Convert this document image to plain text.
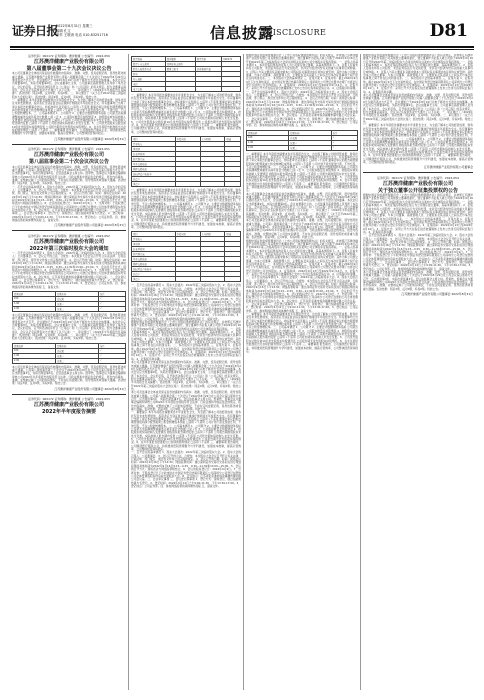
证券日报
2022年8月31日 星期三
编辑 孔文
制作 王敬涛 电话 010-83251716	信息披露
DISCLOSURE	D81
证券代码：002172 证券简称：澳洋健康 公告编号：2022-050
江苏澳洋健康产业股份有限公司
第八届董事会第二十九次会议决议公告
本公司及董事会全体成员保证信息披露的内容真实、准确、完整，没有虚假记载、误导性陈述或重大遗漏。江苏澳洋健康产业股份有限公司第八届董事会第二十九次会议于2022年8月29日以通讯表决方式召开，会议通知已于2022年8月19日以电子邮件方式送达全体董事。本次会议应出席董事9名，实际出席董事9名。会议由董事长主持，公司监事及高级管理人员列席了本次会议，会议的召集、召开和表决程序符合《公司法》和《公司章程》的有关规定。经与会董事认真审议，会议以记名投票表决方式通过了以下议案：一、审议通过了《2022年半年度报告及其摘要》；表决结果：同意9票，反对0票，弃权0票。二、审议通过了《关于召开2022年第三次临时股东大会的议案》；表决结果：同意9票，反对0票，弃权0票。特此公告。
一、重要提示 本半年度报告摘要来自半年度报告全文，为全面了解本公司的经营成果、财务状况及未来发展规划，投资者应当到证监会指定媒体仔细阅读半年度报告全文。所有董事均已出席了审议本报告的董事会会议。非标准审计意见提示 □适用 √不适用 董事会审议的报告期普通股利润分配预案或公积金转增股本预案 □适用 √不适用 公司计划不派发现金红利，不送红股，不以公积金转增股本。二、公司基本情况 1、公司简介 2、主要会计数据和财务指标 公司是否需追溯调整或重述以前年度会计数据 □是 √否 3、公司股东数量及持股情况 4、控股股东或实际控制人变更情况 控股股东报告期内变更 □适用 √不适用 公司报告期控股股东未发生变更。实际控制人报告期内变更 □适用 √不适用 公司报告期实际控制人未发生变更。5、公司优先股股东总数及前10名优先股股东持股情况表 公司报告期无优先股股东持股情况。6、在半年度报告批准报出日存续的债券情况 □适用 √不适用 三、重要事项 报告期内，公司围绕医疗服务主业，持续推进医院管理提升与学科建设，加强成本控制，提高运营效率，公司整体经营保持稳定。
江苏澳洋健康产业股份有限公司董事会 2022年8月31日
证券代码：002172 证券简称：澳洋健康 公告编号：2022-051
江苏澳洋健康产业股份有限公司
第八届监事会第二十次会议决议公告
本公司及监事会全体成员保证信息披露的内容真实、准确、完整，没有虚假记载、误导性陈述或重大遗漏。公司第八届监事会第二十次会议于2022年8月29日在公司会议室以现场方式召开，应出席监事3名，实际出席监事3名。会议由监事会主席主持。经审核，监事会认为董事会编制和审核公司2022年半年度报告的程序符合法律、行政法规和中国证监会的规定，报告内容真实、准确、完整地反映了公司的实际情况，不存在任何虚假记载、误导性陈述或者重大遗漏。表决结果：同意3票，反对0票，弃权0票。特此公告。
一、召开会议的基本情况 1、股东大会届次：2022年第三次临时股东大会。2、股东大会的召集人：公司董事会。3、会议召开的合法、合规性：本次股东大会会议召开符合有关法律、行政法规、部门规章、规范性文件和公司章程的规定。4、会议召开的日期、时间：现场会议时间：2022年9月16日下午14:30；网络投票时间：通过深圳证券交易所交易系统进行网络投票的具体时间为2022年9月16日9:15—9:25，9:30—11:30和13:00—15:00。5、会议的召开方式：现场表决与网络投票相结合。6、会议的股权登记日：2022年9月9日。7、出席对象：于股权登记日下午收市时在中国证券登记结算有限责任公司深圳分公司登记在册的公司全体普通股股东均有权出席股东大会。8、会议地点：江苏省张家港市杨舍镇塘市镇中路公司会议室。二、会议审议事项 三、会议登记等事项 1、登记方式：现场登记、通过信函或传真方式登记。2、登记时间：2022年9月14日上午9:00-11:30，下午13:30-17:00。3、登记地点：公司证券部。四、参加网络投票的具体操作流程 五、备查文件。
江苏澳洋健康产业股份有限公司监事会 2022年8月31日
证券代码：002172 证券简称：澳洋健康 公告编号：2022-052
江苏澳洋健康产业股份有限公司
2022年第三次临时股东大会的通知
一、召开会议的基本情况 1、股东大会届次：2022年第三次临时股东大会。2、股东大会的召集人：公司董事会。3、会议召开的合法、合规性：本次股东大会会议召开符合有关法律、行政法规、部门规章、规范性文件和公司章程的规定。4、会议召开的日期、时间：现场会议时间：2022年9月16日下午14:30；网络投票时间：通过深圳证券交易所交易系统进行网络投票的具体时间为2022年9月16日9:15—9:25，9:30—11:30和13:00—15:00。5、会议的召开方式：现场表决与网络投票相结合。6、会议的股权登记日：2022年9月9日。7、出席对象：于股权登记日下午收市时在中国证券登记结算有限责任公司深圳分公司登记在册的公司全体普通股股东均有权出席股东大会。8、会议地点：江苏省张家港市杨舍镇塘市镇中路公司会议室。二、会议审议事项 三、会议登记等事项 1、登记方式：现场登记、通过信函或传真方式登记。2、登记时间：2022年9月14日上午9:00-11:30，下午13:30-17:00。3、登记地点：公司证券部。四、参加网络投票的具体操作流程 五、备查文件。
提案编码	提案名称	备注
100	总议案	√
1.00	议案一	√
2.00	议案二	√
本公司及董事会全体成员保证信息披露的内容真实、准确、完整，没有虚假记载、误导性陈述或重大遗漏。江苏澳洋健康产业股份有限公司第八届董事会第二十九次会议于2022年8月29日以通讯表决方式召开，会议通知已于2022年8月19日以电子邮件方式送达全体董事。本次会议应出席董事9名，实际出席董事9名。会议由董事长主持，公司监事及高级管理人员列席了本次会议，会议的召集、召开和表决程序符合《公司法》和《公司章程》的有关规定。经与会董事认真审议，会议以记名投票表决方式通过了以下议案：一、审议通过了《2022年半年度报告及其摘要》；表决结果：同意9票，反对0票，弃权0票。二、审议通过了《关于召开2022年第三次临时股东大会的议案》；表决结果：同意9票，反对0票，弃权0票。特此公告。
提案编码	提案名称	备注
100	总议案	√
1.00	议案一	√
2.00	议案二	√
本公司及监事会全体成员保证信息披露的内容真实、准确、完整，没有虚假记载、误导性陈述或重大遗漏。公司第八届监事会第二十次会议于2022年8月29日在公司会议室以现场方式召开，应出席监事3名，实际出席监事3名。会议由监事会主席主持。经审核，监事会认为董事会编制和审核公司2022年半年度报告的程序符合法律、行政法规和中国证监会的规定，报告内容真实、准确、完整地反映了公司的实际情况，不存在任何虚假记载、误导性陈述或者重大遗漏。表决结果：同意3票，反对0票，弃权0票。特此公告。
江苏澳洋健康产业股份有限公司董事会 2022年8月31日
证券代码：002172 证券简称：澳洋健康 公告编号：2022-053
江苏澳洋健康产业股份有限公司
2022年半年度报告摘要
股票简称	澳洋健康	股票代码	002172
股票上市交易所	深圳证券交易所		
联系人和联系方式	董事会秘书	证券事务代表	
姓名			
办公地址			
电话			
电子信箱			
一、重要提示 本半年度报告摘要来自半年度报告全文，为全面了解本公司的经营成果、财务状况及未来发展规划，投资者应当到证监会指定媒体仔细阅读半年度报告全文。所有董事均已出席了审议本报告的董事会会议。非标准审计意见提示 □适用 √不适用 董事会审议的报告期普通股利润分配预案或公积金转增股本预案 □适用 √不适用 公司计划不派发现金红利，不送红股，不以公积金转增股本。二、公司基本情况 1、公司简介 2、主要会计数据和财务指标 公司是否需追溯调整或重述以前年度会计数据 □是 √否 3、公司股东数量及持股情况 4、控股股东或实际控制人变更情况 控股股东报告期内变更 □适用 √不适用 公司报告期控股股东未发生变更。实际控制人报告期内变更 □适用 √不适用 公司报告期实际控制人未发生变更。5、公司优先股股东总数及前10名优先股股东持股情况表 公司报告期无优先股股东持股情况。6、在半年度报告批准报出日存续的债券情况 □适用 √不适用 三、重要事项 报告期内，公司围绕医疗服务主业，持续推进医院管理提升与学科建设，加强成本控制，提高运营效率，公司整体经营保持稳定。
项目	本报告期	上年同期	增减
营业收入			
净利润			
扣非净利润			
经营现金流			
基本每股收益			
稀释每股收益			
加权净资产收益率			
总资产			
净资产			
一、重要提示 本半年度报告摘要来自半年度报告全文，为全面了解本公司的经营成果、财务状况及未来发展规划，投资者应当到证监会指定媒体仔细阅读半年度报告全文。所有董事均已出席了审议本报告的董事会会议。非标准审计意见提示 □适用 √不适用 董事会审议的报告期普通股利润分配预案或公积金转增股本预案 □适用 √不适用 公司计划不派发现金红利，不送红股，不以公积金转增股本。二、公司基本情况 1、公司简介 2、主要会计数据和财务指标 公司是否需追溯调整或重述以前年度会计数据 □是 √否 3、公司股东数量及持股情况 4、控股股东或实际控制人变更情况 控股股东报告期内变更 □适用 √不适用 公司报告期控股股东未发生变更。实际控制人报告期内变更 □适用 √不适用 公司报告期实际控制人未发生变更。5、公司优先股股东总数及前10名优先股股东持股情况表 公司报告期无优先股股东持股情况。6、在半年度报告批准报出日存续的债券情况 □适用 √不适用 三、重要事项 报告期内，公司围绕医疗服务主业，持续推进医院管理提升与学科建设，加强成本控制，提高运营效率，公司整体经营保持稳定。
项目	本报告期	上年同期	增减
营业收入			
净利润			
扣非净利润			
经营现金流			
基本每股收益			
稀释每股收益			
加权净资产收益率			
总资产			
净资产			
一、召开会议的基本情况 1、股东大会届次：2022年第三次临时股东大会。2、股东大会的召集人：公司董事会。3、会议召开的合法、合规性：本次股东大会会议召开符合有关法律、行政法规、部门规章、规范性文件和公司章程的规定。4、会议召开的日期、时间：现场会议时间：2022年9月16日下午14:30；网络投票时间：通过深圳证券交易所交易系统进行网络投票的具体时间为2022年9月16日9:15—9:25，9:30—11:30和13:00—15:00。5、会议的召开方式：现场表决与网络投票相结合。6、会议的股权登记日：2022年9月9日。7、出席对象：于股权登记日下午收市时在中国证券登记结算有限责任公司深圳分公司登记在册的公司全体普通股股东均有权出席股东大会。8、会议地点：江苏省张家港市杨舍镇塘市镇中路公司会议室。二、会议审议事项 三、会议登记等事项 1、登记方式：现场登记、通过信函或传真方式登记。2、登记时间：2022年9月14日上午9:00-11:30，下午13:30-17:00。3、登记地点：公司证券部。四、参加网络投票的具体操作流程 五、备查文件。
根据中国证券监督管理委员会《上市公司股权激励管理办法》的有关规定，并按照江苏澳洋健康产业股份有限公司其他独立董事的委托，独立董事作为征集人就公司拟于2022年9月16日召开的2022年第三次临时股东大会审议的相关议案向公司全体股东征集投票权。一、征集人的基本情况 1、本次征集投票权的征集人为公司现任独立董事，其基本情况如下。2、征集人目前未持有公司股份，未因证券违法行为受到处罚，未涉及与经济纠纷有关的重大民事诉讼或仲裁。3、征集人与其主要直系亲属未就本公司股权有关事项达成任何协议或安排；其作为本公司独立董事，与本公司董事、高级管理人员、主要股东及其关联人之间以及与本次征集事项之间不存在任何利害关系。二、本次股东大会的基本情况 三、征集方案 1、征集对象：截止2022年9月9日下午交易结束后，在中国证券登记结算有限责任公司深圳分公司登记在册并办理了出席会议登记手续的公司全体股东。2、征集时间：2022年9月13日至2022年9月14日。3、征集方式：采用公开方式在指定信息披露媒体上发布公告进行投票权征集行动。4、征集程序和步骤。
本公司及董事会全体成员保证信息披露的内容真实、准确、完整，没有虚假记载、误导性陈述或重大遗漏。江苏澳洋健康产业股份有限公司第八届董事会第二十九次会议于2022年8月29日以通讯表决方式召开，会议通知已于2022年8月19日以电子邮件方式送达全体董事。本次会议应出席董事9名，实际出席董事9名。会议由董事长主持，公司监事及高级管理人员列席了本次会议，会议的召集、召开和表决程序符合《公司法》和《公司章程》的有关规定。经与会董事认真审议，会议以记名投票表决方式通过了以下议案：一、审议通过了《2022年半年度报告及其摘要》；表决结果：同意9票，反对0票，弃权0票。二、审议通过了《关于召开2022年第三次临时股东大会的议案》；表决结果：同意9票，反对0票，弃权0票。特此公告。
本公司及监事会全体成员保证信息披露的内容真实、准确、完整，没有虚假记载、误导性陈述或重大遗漏。公司第八届监事会第二十次会议于2022年8月29日在公司会议室以现场方式召开，应出席监事3名，实际出席监事3名。会议由监事会主席主持。经审核，监事会认为董事会编制和审核公司2022年半年度报告的程序符合法律、行政法规和中国证监会的规定，报告内容真实、准确、完整地反映了公司的实际情况，不存在任何虚假记载、误导性陈述或者重大遗漏。表决结果：同意3票，反对0票，弃权0票。特此公告。
一、重要提示 本半年度报告摘要来自半年度报告全文，为全面了解本公司的经营成果、财务状况及未来发展规划，投资者应当到证监会指定媒体仔细阅读半年度报告全文。所有董事均已出席了审议本报告的董事会会议。非标准审计意见提示 □适用 √不适用 董事会审议的报告期普通股利润分配预案或公积金转增股本预案 □适用 √不适用 公司计划不派发现金红利，不送红股，不以公积金转增股本。二、公司基本情况 1、公司简介 2、主要会计数据和财务指标 公司是否需追溯调整或重述以前年度会计数据 □是 √否 3、公司股东数量及持股情况 4、控股股东或实际控制人变更情况 控股股东报告期内变更 □适用 √不适用 公司报告期控股股东未发生变更。实际控制人报告期内变更 □适用 √不适用 公司报告期实际控制人未发生变更。5、公司优先股股东总数及前10名优先股股东持股情况表 公司报告期无优先股股东持股情况。6、在半年度报告批准报出日存续的债券情况 □适用 √不适用 三、重要事项 报告期内，公司围绕医疗服务主业，持续推进医院管理提升与学科建设，加强成本控制，提高运营效率，公司整体经营保持稳定。
一、召开会议的基本情况 1、股东大会届次：2022年第三次临时股东大会。2、股东大会的召集人：公司董事会。3、会议召开的合法、合规性：本次股东大会会议召开符合有关法律、行政法规、部门规章、规范性文件和公司章程的规定。4、会议召开的日期、时间：现场会议时间：2022年9月16日下午14:30；网络投票时间：通过深圳证券交易所交易系统进行网络投票的具体时间为2022年9月16日9:15—9:25，9:30—11:30和13:00—15:00。5、会议的召开方式：现场表决与网络投票相结合。6、会议的股权登记日：2022年9月9日。7、出席对象：于股权登记日下午收市时在中国证券登记结算有限责任公司深圳分公司登记在册的公司全体普通股股东均有权出席股东大会。8、会议地点：江苏省张家港市杨舍镇塘市镇中路公司会议室。二、会议审议事项 三、会议登记等事项 1、登记方式：现场登记、通过信函或传真方式登记。2、登记时间：2022年9月14日上午9:00-11:30，下午13:30-17:00。3、登记地点：公司证券部。四、参加网络投票的具体操作流程 五、备查文件。
根据中国证券监督管理委员会《上市公司股权激励管理办法》的有关规定，并按照江苏澳洋健康产业股份有限公司其他独立董事的委托，独立董事作为征集人就公司拟于2022年9月16日召开的2022年第三次临时股东大会审议的相关议案向公司全体股东征集投票权。一、征集人的基本情况 1、本次征集投票权的征集人为公司现任独立董事，其基本情况如下。2、征集人目前未持有公司股份，未因证券违法行为受到处罚，未涉及与经济纠纷有关的重大民事诉讼或仲裁。3、征集人与其主要直系亲属未就本公司股权有关事项达成任何协议或安排；其作为本公司独立董事，与本公司董事、高级管理人员、主要股东及其关联人之间以及与本次征集事项之间不存在任何利害关系。二、本次股东大会的基本情况 三、征集方案 1、征集对象：截止2022年9月9日下午交易结束后，在中国证券登记结算有限责任公司深圳分公司登记在册并办理了出席会议登记手续的公司全体股东。2、征集时间：2022年9月13日至2022年9月14日。3、征集方式：采用公开方式在指定信息披露媒体上发布公告进行投票权征集行动。4、征集程序和步骤。
一、召开会议的基本情况 1、股东大会届次：2022年第三次临时股东大会。2、股东大会的召集人：公司董事会。3、会议召开的合法、合规性：本次股东大会会议召开符合有关法律、行政法规、部门规章、规范性文件和公司章程的规定。4、会议召开的日期、时间：现场会议时间：2022年9月16日下午14:30；网络投票时间：通过深圳证券交易所交易系统进行网络投票的具体时间为2022年9月16日9:15—9:25，9:30—11:30和13:00—15:00。5、会议的召开方式：现场表决与网络投票相结合。6、会议的股权登记日：2022年9月9日。7、出席对象：于股权登记日下午收市时在中国证券登记结算有限责任公司深圳分公司登记在册的公司全体普通股股东均有权出席股东大会。8、会议地点：江苏省张家港市杨舍镇塘市镇中路公司会议室。二、会议审议事项 三、会议登记等事项 1、登记方式：现场登记、通过信函或传真方式登记。2、登记时间：2022年9月14日上午9:00-11:30，下午13:30-17:00。3、登记地点：公司证券部。四、参加网络投票的具体操作流程 五、备查文件。
提案编码	提案名称	备注
100	总议案	√
1.00	议案一	√
2.00	议案二	√
一、重要提示 本半年度报告摘要来自半年度报告全文，为全面了解本公司的经营成果、财务状况及未来发展规划，投资者应当到证监会指定媒体仔细阅读半年度报告全文。所有董事均已出席了审议本报告的董事会会议。非标准审计意见提示 □适用 √不适用 董事会审议的报告期普通股利润分配预案或公积金转增股本预案 □适用 √不适用 公司计划不派发现金红利，不送红股，不以公积金转增股本。二、公司基本情况 1、公司简介 2、主要会计数据和财务指标 公司是否需追溯调整或重述以前年度会计数据 □是 √否 3、公司股东数量及持股情况 4、控股股东或实际控制人变更情况 控股股东报告期内变更 □适用 √不适用 公司报告期控股股东未发生变更。实际控制人报告期内变更 □适用 √不适用 公司报告期实际控制人未发生变更。5、公司优先股股东总数及前10名优先股股东持股情况表 公司报告期无优先股股东持股情况。6、在半年度报告批准报出日存续的债券情况 □适用 √不适用 三、重要事项 报告期内，公司围绕医疗服务主业，持续推进医院管理提升与学科建设，加强成本控制，提高运营效率，公司整体经营保持稳定。
本公司及董事会全体成员保证信息披露的内容真实、准确、完整，没有虚假记载、误导性陈述或重大遗漏。江苏澳洋健康产业股份有限公司第八届董事会第二十九次会议于2022年8月29日以通讯表决方式召开，会议通知已于2022年8月19日以电子邮件方式送达全体董事。本次会议应出席董事9名，实际出席董事9名。会议由董事长主持，公司监事及高级管理人员列席了本次会议，会议的召集、召开和表决程序符合《公司法》和《公司章程》的有关规定。经与会董事认真审议，会议以记名投票表决方式通过了以下议案：一、审议通过了《2022年半年度报告及其摘要》；表决结果：同意9票，反对0票，弃权0票。二、审议通过了《关于召开2022年第三次临时股东大会的议案》；表决结果：同意9票，反对0票，弃权0票。特此公告。
本公司及监事会全体成员保证信息披露的内容真实、准确、完整，没有虚假记载、误导性陈述或重大遗漏。公司第八届监事会第二十次会议于2022年8月29日在公司会议室以现场方式召开，应出席监事3名，实际出席监事3名。会议由监事会主席主持。经审核，监事会认为董事会编制和审核公司2022年半年度报告的程序符合法律、行政法规和中国证监会的规定，报告内容真实、准确、完整地反映了公司的实际情况，不存在任何虚假记载、误导性陈述或者重大遗漏。表决结果：同意3票，反对0票，弃权0票。特此公告。
根据中国证券监督管理委员会《上市公司股权激励管理办法》的有关规定，并按照江苏澳洋健康产业股份有限公司其他独立董事的委托，独立董事作为征集人就公司拟于2022年9月16日召开的2022年第三次临时股东大会审议的相关议案向公司全体股东征集投票权。一、征集人的基本情况 1、本次征集投票权的征集人为公司现任独立董事，其基本情况如下。2、征集人目前未持有公司股份，未因证券违法行为受到处罚，未涉及与经济纠纷有关的重大民事诉讼或仲裁。3、征集人与其主要直系亲属未就本公司股权有关事项达成任何协议或安排；其作为本公司独立董事，与本公司董事、高级管理人员、主要股东及其关联人之间以及与本次征集事项之间不存在任何利害关系。二、本次股东大会的基本情况 三、征集方案 1、征集对象：截止2022年9月9日下午交易结束后，在中国证券登记结算有限责任公司深圳分公司登记在册并办理了出席会议登记手续的公司全体股东。2、征集时间：2022年9月13日至2022年9月14日。3、征集方式：采用公开方式在指定信息披露媒体上发布公告进行投票权征集行动。4、征集程序和步骤。
一、召开会议的基本情况 1、股东大会届次：2022年第三次临时股东大会。2、股东大会的召集人：公司董事会。3、会议召开的合法、合规性：本次股东大会会议召开符合有关法律、行政法规、部门规章、规范性文件和公司章程的规定。4、会议召开的日期、时间：现场会议时间：2022年9月16日下午14:30；网络投票时间：通过深圳证券交易所交易系统进行网络投票的具体时间为2022年9月16日9:15—9:25，9:30—11:30和13:00—15:00。5、会议的召开方式：现场表决与网络投票相结合。6、会议的股权登记日：2022年9月9日。7、出席对象：于股权登记日下午收市时在中国证券登记结算有限责任公司深圳分公司登记在册的公司全体普通股股东均有权出席股东大会。8、会议地点：江苏省张家港市杨舍镇塘市镇中路公司会议室。二、会议审议事项 三、会议登记等事项 1、登记方式：现场登记、通过信函或传真方式登记。2、登记时间：2022年9月14日上午9:00-11:30，下午13:30-17:00。3、登记地点：公司证券部。四、参加网络投票的具体操作流程 五、备查文件。
一、重要提示 本半年度报告摘要来自半年度报告全文，为全面了解本公司的经营成果、财务状况及未来发展规划，投资者应当到证监会指定媒体仔细阅读半年度报告全文。所有董事均已出席了审议本报告的董事会会议。非标准审计意见提示 □适用 √不适用 董事会审议的报告期普通股利润分配预案或公积金转增股本预案 □适用 √不适用 公司计划不派发现金红利，不送红股，不以公积金转增股本。二、公司基本情况 1、公司简介 2、主要会计数据和财务指标 公司是否需追溯调整或重述以前年度会计数据 □是 √否 3、公司股东数量及持股情况 4、控股股东或实际控制人变更情况 控股股东报告期内变更 □适用 √不适用 公司报告期控股股东未发生变更。实际控制人报告期内变更 □适用 √不适用 公司报告期实际控制人未发生变更。5、公司优先股股东总数及前10名优先股股东持股情况表 公司报告期无优先股股东持股情况。6、在半年度报告批准报出日存续的债券情况 □适用 √不适用 三、重要事项 报告期内，公司围绕医疗服务主业，持续推进医院管理提升与学科建设，加强成本控制，提高运营效率，公司整体经营保持稳定。
根据中国证券监督管理委员会《上市公司股权激励管理办法》的有关规定，并按照江苏澳洋健康产业股份有限公司其他独立董事的委托，独立董事作为征集人就公司拟于2022年9月16日召开的2022年第三次临时股东大会审议的相关议案向公司全体股东征集投票权。一、征集人的基本情况 1、本次征集投票权的征集人为公司现任独立董事，其基本情况如下。2、征集人目前未持有公司股份，未因证券违法行为受到处罚，未涉及与经济纠纷有关的重大民事诉讼或仲裁。3、征集人与其主要直系亲属未就本公司股权有关事项达成任何协议或安排；其作为本公司独立董事，与本公司董事、高级管理人员、主要股东及其关联人之间以及与本次征集事项之间不存在任何利害关系。二、本次股东大会的基本情况 三、征集方案 1、征集对象：截止2022年9月9日下午交易结束后，在中国证券登记结算有限责任公司深圳分公司登记在册并办理了出席会议登记手续的公司全体股东。2、征集时间：2022年9月13日至2022年9月14日。3、征集方式：采用公开方式在指定信息披露媒体上发布公告进行投票权征集行动。4、征集程序和步骤。
本公司及董事会全体成员保证信息披露的内容真实、准确、完整，没有虚假记载、误导性陈述或重大遗漏。江苏澳洋健康产业股份有限公司第八届董事会第二十九次会议于2022年8月29日以通讯表决方式召开，会议通知已于2022年8月19日以电子邮件方式送达全体董事。本次会议应出席董事9名，实际出席董事9名。会议由董事长主持，公司监事及高级管理人员列席了本次会议，会议的召集、召开和表决程序符合《公司法》和《公司章程》的有关规定。经与会董事认真审议，会议以记名投票表决方式通过了以下议案：一、审议通过了《2022年半年度报告及其摘要》；表决结果：同意9票，反对0票，弃权0票。二、审议通过了《关于召开2022年第三次临时股东大会的议案》；表决结果：同意9票，反对0票，弃权0票。特此公告。
一、重要提示 本半年度报告摘要来自半年度报告全文，为全面了解本公司的经营成果、财务状况及未来发展规划，投资者应当到证监会指定媒体仔细阅读半年度报告全文。所有董事均已出席了审议本报告的董事会会议。非标准审计意见提示 □适用 √不适用 董事会审议的报告期普通股利润分配预案或公积金转增股本预案 □适用 √不适用 公司计划不派发现金红利，不送红股，不以公积金转增股本。二、公司基本情况 1、公司简介 2、主要会计数据和财务指标 公司是否需追溯调整或重述以前年度会计数据 □是 √否 3、公司股东数量及持股情况 4、控股股东或实际控制人变更情况 控股股东报告期内变更 □适用 √不适用 公司报告期控股股东未发生变更。实际控制人报告期内变更 □适用 √不适用 公司报告期实际控制人未发生变更。5、公司优先股股东总数及前10名优先股股东持股情况表 公司报告期无优先股股东持股情况。6、在半年度报告批准报出日存续的债券情况 □适用 √不适用 三、重要事项 报告期内，公司围绕医疗服务主业，持续推进医院管理提升与学科建设，加强成本控制，提高运营效率，公司整体经营保持稳定。
江苏澳洋健康产业股份有限公司董事会
证券代码：002172 证券简称：澳洋健康 公告编号：2022-054
江苏澳洋健康产业股份有限公司
关于独立董事公开征集投票权的公告
根据中国证券监督管理委员会《上市公司股权激励管理办法》的有关规定，并按照江苏澳洋健康产业股份有限公司其他独立董事的委托，独立董事作为征集人就公司拟于2022年9月16日召开的2022年第三次临时股东大会审议的相关议案向公司全体股东征集投票权。一、征集人的基本情况 1、本次征集投票权的征集人为公司现任独立董事，其基本情况如下。2、征集人目前未持有公司股份，未因证券违法行为受到处罚，未涉及与经济纠纷有关的重大民事诉讼或仲裁。3、征集人与其主要直系亲属未就本公司股权有关事项达成任何协议或安排；其作为本公司独立董事，与本公司董事、高级管理人员、主要股东及其关联人之间以及与本次征集事项之间不存在任何利害关系。二、本次股东大会的基本情况 三、征集方案 1、征集对象：截止2022年9月9日下午交易结束后，在中国证券登记结算有限责任公司深圳分公司登记在册并办理了出席会议登记手续的公司全体股东。2、征集时间：2022年9月13日至2022年9月14日。3、征集方式：采用公开方式在指定信息披露媒体上发布公告进行投票权征集行动。4、征集程序和步骤。
一、召开会议的基本情况 1、股东大会届次：2022年第三次临时股东大会。2、股东大会的召集人：公司董事会。3、会议召开的合法、合规性：本次股东大会会议召开符合有关法律、行政法规、部门规章、规范性文件和公司章程的规定。4、会议召开的日期、时间：现场会议时间：2022年9月16日下午14:30；网络投票时间：通过深圳证券交易所交易系统进行网络投票的具体时间为2022年9月16日9:15—9:25，9:30—11:30和13:00—15:00。5、会议的召开方式：现场表决与网络投票相结合。6、会议的股权登记日：2022年9月9日。7、出席对象：于股权登记日下午收市时在中国证券登记结算有限责任公司深圳分公司登记在册的公司全体普通股股东均有权出席股东大会。8、会议地点：江苏省张家港市杨舍镇塘市镇中路公司会议室。二、会议审议事项 三、会议登记等事项 1、登记方式：现场登记、通过信函或传真方式登记。2、登记时间：2022年9月14日上午9:00-11:30，下午13:30-17:00。3、登记地点：公司证券部。四、参加网络投票的具体操作流程 五、备查文件。
本公司及监事会全体成员保证信息披露的内容真实、准确、完整，没有虚假记载、误导性陈述或重大遗漏。公司第八届监事会第二十次会议于2022年8月29日在公司会议室以现场方式召开，应出席监事3名，实际出席监事3名。会议由监事会主席主持。经审核，监事会认为董事会编制和审核公司2022年半年度报告的程序符合法律、行政法规和中国证监会的规定，报告内容真实、准确、完整地反映了公司的实际情况，不存在任何虚假记载、误导性陈述或者重大遗漏。表决结果：同意3票，反对0票，弃权0票。特此公告。
江苏澳洋健康产业股份有限公司董事会 2022年8月31日
